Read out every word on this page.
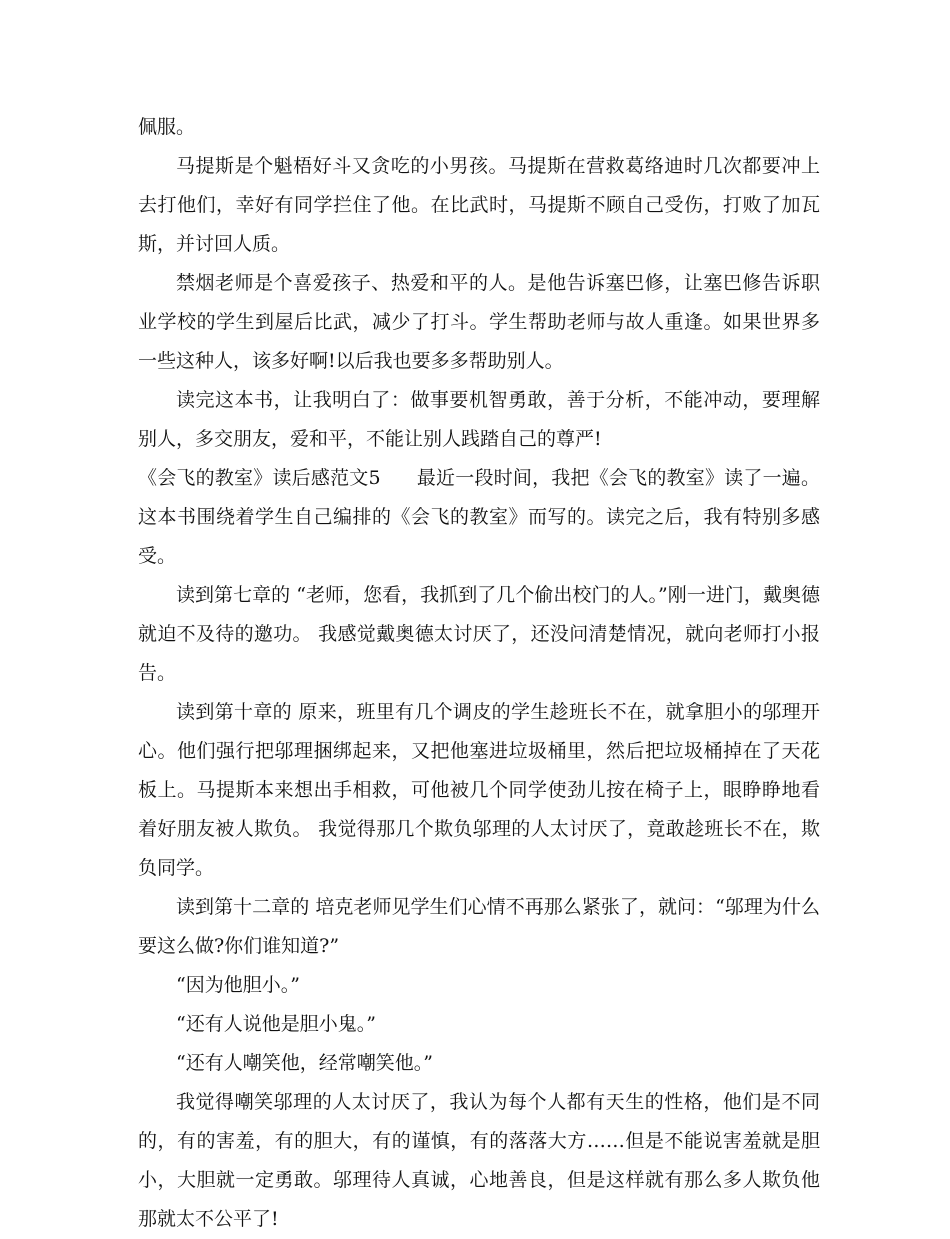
佩服。

马提斯是个魁梧好斗又贪吃的小男孩。马提斯在营救葛络迪时几次都要冲上去打他们，幸好有同学拦住了他。在比武时，马提斯不顾自己受伤，打败了加瓦斯，并讨回人质。

禁烟老师是个喜爱孩子、热爱和平的人。是他告诉塞巴修，让塞巴修告诉职业学校的学生到屋后比武，减少了打斗。学生帮助老师与故人重逢。如果世界多一些这种人，该多好啊!以后我也要多多帮助别人。

读完这本书，让我明白了：做事要机智勇敢，善于分析，不能冲动，要理解别人，多交朋友，爱和平，不能让别人践踏自己的尊严!

《会飞的教室》读后感范文5 最近一段时间，我把《会飞的教室》读了一遍。这本书围绕着学生自己编排的《会飞的教室》而写的。读完之后，我有特别多感受。

读到第七章的 “老师，您看，我抓到了几个偷出校门的人。”刚一进门，戴奥德就迫不及待的邀功。 我感觉戴奥德太讨厌了，还没问清楚情况，就向老师打小报告。

读到第十章的 原来，班里有几个调皮的学生趁班长不在，就拿胆小的邬理开心。他们强行把邬理捆绑起来，又把他塞进垃圾桶里，然后把垃圾桶掉在了天花板上。马提斯本来想出手相救，可他被几个同学使劲儿按在椅子上，眼睁睁地看着好朋友被人欺负。 我觉得那几个欺负邬理的人太讨厌了，竟敢趁班长不在，欺负同学。

读到第十二章的 培克老师见学生们心情不再那么紧张了，就问：“邬理为什么要这么做?你们谁知道?”

“因为他胆小。”

“还有人说他是胆小鬼。”

“还有人嘲笑他，经常嘲笑他。”

我觉得嘲笑邬理的人太讨厌了，我认为每个人都有天生的性格，他们是不同的，有的害羞，有的胆大，有的谨慎，有的落落大方……但是不能说害羞就是胆小，大胆就一定勇敢。邬理待人真诚，心地善良，但是这样就有那么多人欺负他那就太不公平了!
